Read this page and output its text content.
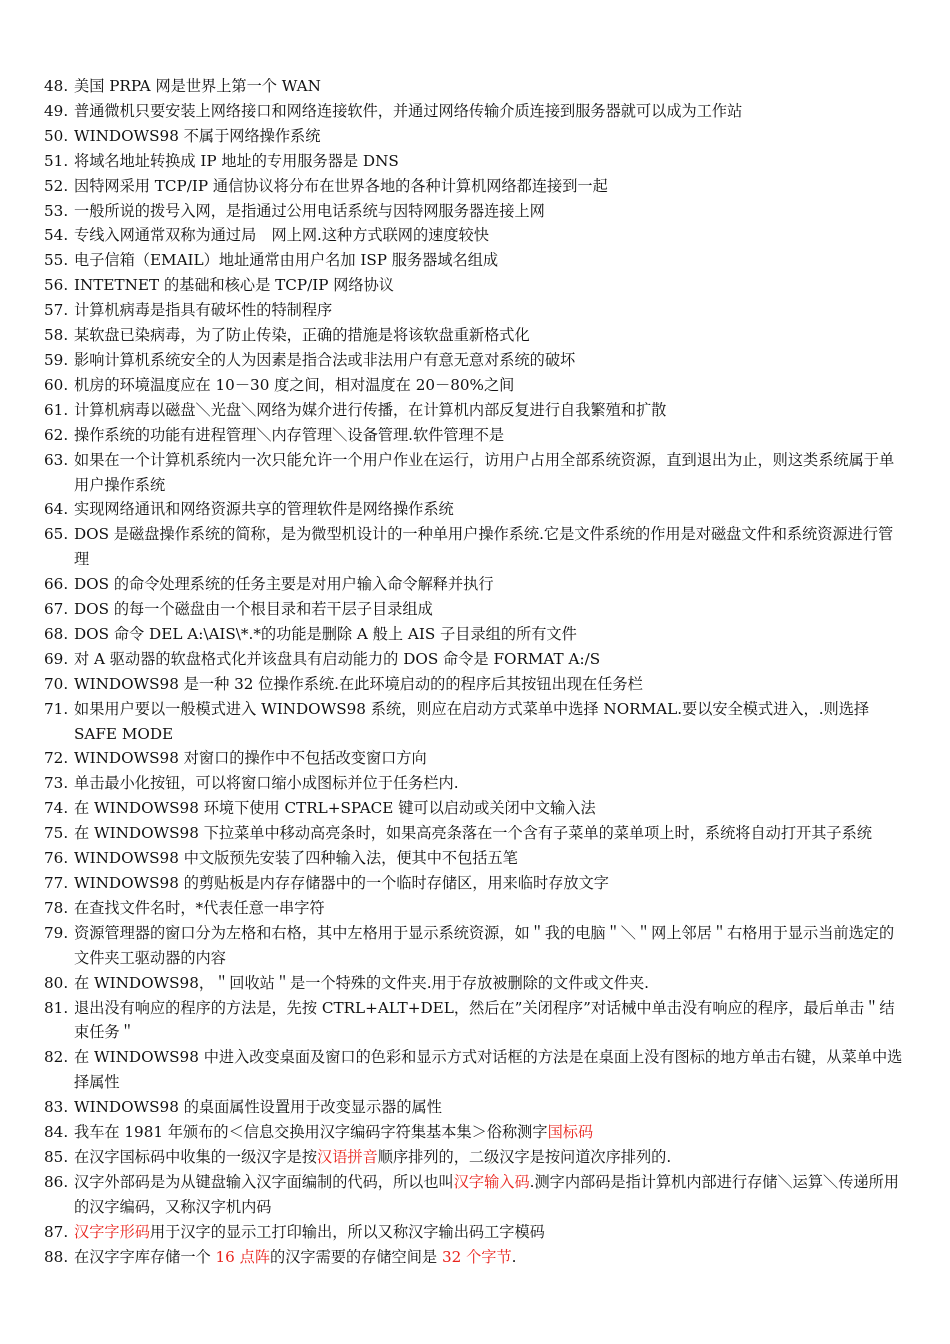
48. 美国 PRPA 网是世界上第一个 WAN
49. 普通微机只要安装上网络接口和网络连接软件，并通过网络传输介质连接到服务器就可以成为工作站
50. WINDOWS98 不属于网络操作系统
51. 将域名地址转换成 IP 地址的专用服务器是 DNS
52. 因特网采用 TCP/IP 通信协议将分布在世界各地的各种计算机网络都连接到一起
53. 一般所说的拨号入网，是指通过公用电话系统与因特网服务器连接上网
54. 专线入网通常双称为通过局　网上网.这种方式联网的速度较快
55. 电子信箱（EMAIL）地址通常由用户名加 ISP 服务器域名组成
56. INTETNET 的基础和核心是 TCP/IP 网络协议
57. 计算机病毒是指具有破坏性的特制程序
58. 某软盘已染病毒，为了防止传染，正确的措施是将该软盘重新格式化
59. 影响计算机系统安全的人为因素是指合法或非法用户有意无意对系统的破坏
60. 机房的环境温度应在 10－30 度之间，相对温度在 20－80%之间
61. 计算机病毒以磁盘＼光盘＼网络为媒介进行传播，在计算机内部反复进行自我繁殖和扩散
62. 操作系统的功能有进程管理＼内存管理＼设备管理.软件管理不是
63. 如果在一个计算机系统内一次只能允许一个用户作业在运行，访用户占用全部系统资源，直到退出为止，则这类系统属于单用户操作系统
64. 实现网络通讯和网络资源共享的管理软件是网络操作系统
65. DOS 是磁盘操作系统的简称，是为微型机设计的一种单用户操作系统.它是文件系统的作用是对磁盘文件和系统资源进行管理
66. DOS 的命令处理系统的任务主要是对用户输入命令解释并执行
67. DOS 的每一个磁盘由一个根目录和若干层子目录组成
68. DOS 命令 DEL A:\AIS\*.*的功能是删除 A 般上 AIS 子目录组的所有文件
69. 对 A 驱动器的软盘格式化并该盘具有启动能力的 DOS 命令是 FORMAT A:/S
70. WINDOWS98 是一种 32 位操作系统.在此环境启动的的程序后其按钮出现在任务栏
71. 如果用户要以一般模式进入 WINDOWS98 系统，则应在启动方式菜单中选择 NORMAL.要以安全模式进入，.则选择 SAFE MODE
72. WINDOWS98 对窗口的操作中不包括改变窗口方向
73. 单击最小化按钮，可以将窗口缩小成图标并位于任务栏内.
74. 在 WINDOWS98 环境下使用 CTRL+SPACE 键可以启动或关闭中文输入法
75. 在 WINDOWS98 下拉菜单中移动高亮条时，如果高亮条落在一个含有子菜单的菜单项上时，系统将自动打开其子系统
76. WINDOWS98 中文版预先安装了四种输入法，便其中不包括五笔
77. WINDOWS98 的剪贴板是内存存储器中的一个临时存储区，用来临时存放文字
78. 在查找文件名时，*代表任意一串字符
79. 资源管理器的窗口分为左格和右格，其中左格用于显示系统资源，如＂我的电脑＂＼＂网上邻居＂右格用于显示当前选定的文件夹工驱动器的内容
80. 在 WINDOWS98，＂回收站＂是一个特殊的文件夹.用于存放被删除的文件或文件夹.
81. 退出没有响应的程序的方法是，先按 CTRL+ALT+DEL，然后在”关闭程序”对话械中单击没有响应的程序，最后单击＂结束任务＂
82. 在 WINDOWS98 中进入改变桌面及窗口的色彩和显示方式对话框的方法是在桌面上没有图标的地方单击右键，从菜单中选择属性
83. WINDOWS98 的桌面属性设置用于改变显示器的属性
84. 我车在 1981 年颁布的＜信息交换用汉字编码字符集基本集＞俗称测字国标码
85. 在汉字国标码中收集的一级汉字是按汉语拼音顺序排列的，二级汉字是按问道次序排列的.
86. 汉字外部码是为从键盘输入汉字面编制的代码，所以也叫汉字输入码.测字内部码是指计算机内部进行存储＼运算＼传递所用的汉字编码，又称汉字机内码
87. 汉字字形码用于汉字的显示工打印输出，所以又称汉字输出码工字模码
88. 在汉字字库存储一个 16 点阵的汉字需要的存储空间是 32 个字节.
